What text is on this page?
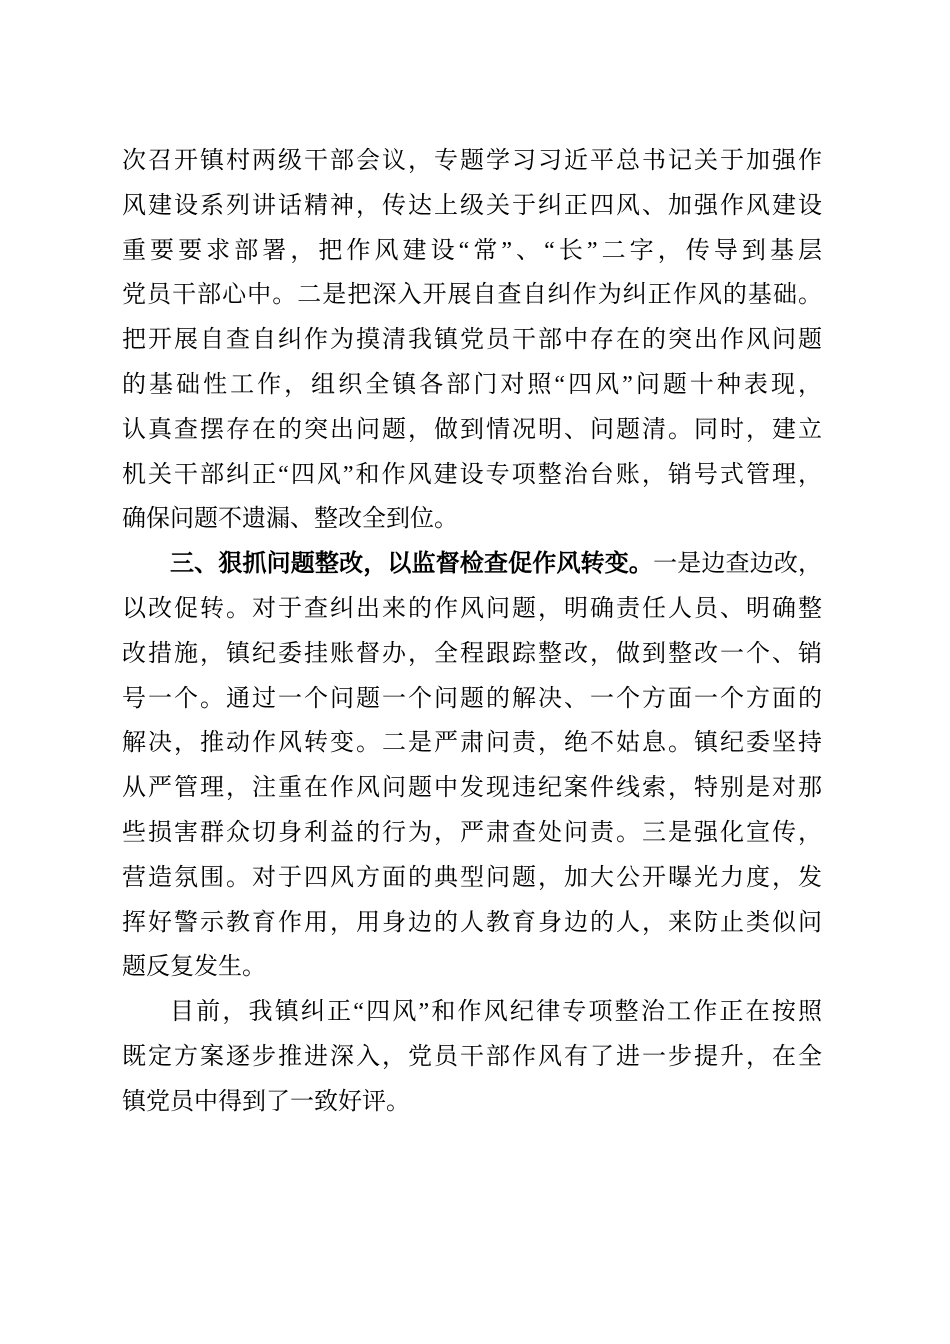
次召开镇村两级干部会议，专题学习习近平总书记关于加强作
风建设系列讲话精神，传达上级关于纠正四风、加强作风建设
重要要求部署，把作风建设“常”、“长”二字，传导到基层
党员干部心中。二是把深入开展自查自纠作为纠正作风的基础。
把开展自查自纠作为摸清我镇党员干部中存在的突出作风问题
的基础性工作，组织全镇各部门对照“四风”问题十种表现，
认真查摆存在的突出问题，做到情况明、问题清。同时，建立
机关干部纠正“四风”和作风建设专项整治台账，销号式管理，
确保问题不遗漏、整改全到位。
三、狠抓问题整改，以监督检查促作风转变。一是边查边改，
以改促转。对于查纠出来的作风问题，明确责任人员、明确整
改措施，镇纪委挂账督办，全程跟踪整改，做到整改一个、销
号一个。通过一个问题一个问题的解决、一个方面一个方面的
解决，推动作风转变。二是严肃问责，绝不姑息。镇纪委坚持
从严管理，注重在作风问题中发现违纪案件线索，特别是对那
些损害群众切身利益的行为，严肃查处问责。三是强化宣传，
营造氛围。对于四风方面的典型问题，加大公开曝光力度，发
挥好警示教育作用，用身边的人教育身边的人，来防止类似问
题反复发生。
目前，我镇纠正“四风”和作风纪律专项整治工作正在按照
既定方案逐步推进深入，党员干部作风有了进一步提升，在全
镇党员中得到了一致好评。
